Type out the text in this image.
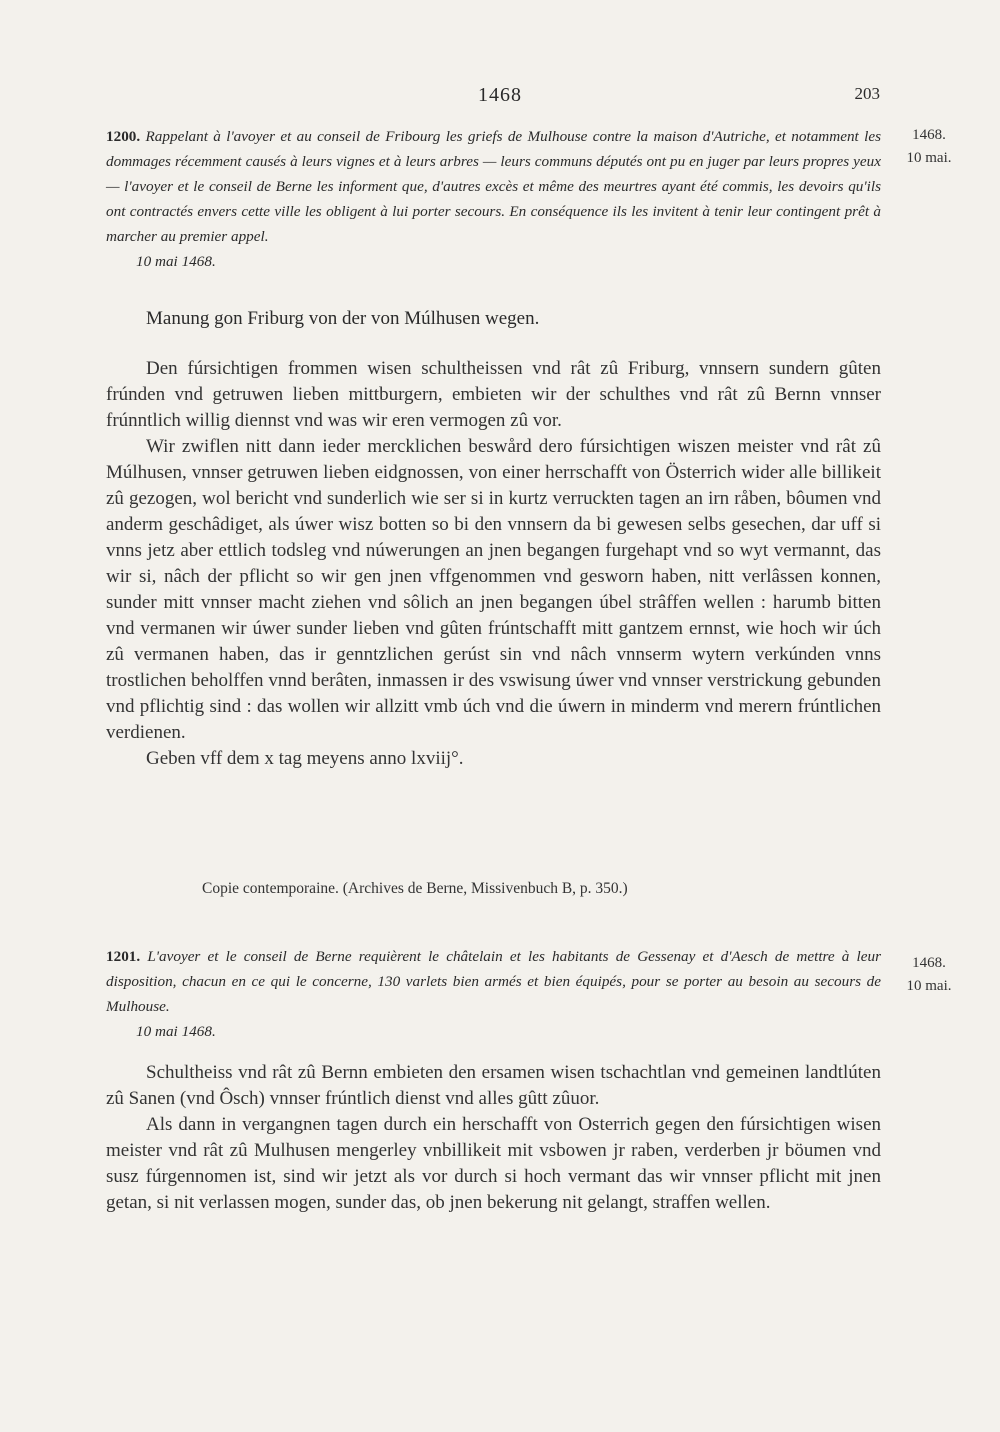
1468	203
1200. Rappelant à l'avoyer et au conseil de Fribourg les griefs de Mulhouse contre la maison d'Autriche, et notamment les dommages récemment causés à leurs vignes et à leurs arbres — leurs communs députés ont pu en juger par leurs propres yeux — l'avoyer et le conseil de Berne les informent que, d'autres excès et même des meurtres ayant été commis, les devoirs qu'ils ont contractés envers cette ville les obligent à lui porter secours. En conséquence ils les invitent à tenir leur contingent prêt à marcher au premier appel.
10 mai 1468.
1468.
10 mai.
Manung gon Friburg von der von Múlhusen wegen.

Den fúrsichtigen frommen wisen schultheissen vnd rât zû Friburg, vnnsern sundern gûten frúnden vnd getruwen lieben mittburgern, embieten wir der schulthes vnd rât zû Bernn vnnser frúnntlich willig diennst vnd was wir eren vermogen zû vor.

Wir zwiflen nitt dann ieder mercklichen beswård dero fúrsichtigen wiszen meister vnd rât zû Múlhusen, vnnser getruwen lieben eidgnossen, von einer herrschafft von Österrich wider alle billikeit zû gezogen, wol bericht vnd sunderlich wie ser si in kurtz verruckten tagen an irn råben, bôumen vnd anderm geschâdiget, als úwer wisz botten so bi den vnnsern da bi gewesen selbs gesechen, dar uff si vnns jetz aber ettlich todsleg vnd núwerungen an jnen begangen furgehapt vnd so wyt vermannt, das wir si, nâch der pflicht so wir gen jnen vffgenommen vnd gesworn haben, nitt verlâssen konnen, sunder mitt vnnser macht ziehen vnd sôlich an jnen begangen úbel strâffen wellen : harumb bitten vnd vermanen wir úwer sunder lieben vnd gûten frúntschafft mitt gantzem ernnst, wie hoch wir úch zû vermanen haben, das ir genntzlichen gerúst sin vnd nâch vnnserm wytern verkúnden vnns trostlichen beholffen vnnd berâten, inmassen ir des vswisung úwer vnd vnnser verstrickung gebunden vnd pflichtig sind : das wollen wir allzitt vmb úch vnd die úwern in minderm vnd merern frúntlichen verdienen.

Geben vff dem x tag meyens anno lxviij°.

Copie contemporaine. (Archives de Berne, Missivenbuch B, p. 350.)
1201. L'avoyer et le conseil de Berne requièrent le châtelain et les habitants de Gessenay et d'Aesch de mettre à leur disposition, chacun en ce qui le concerne, 130 varlets bien armés et bien équipés, pour se porter au besoin au secours de Mulhouse.
10 mai 1468.
1468.
10 mai.

Schultheiss vnd rât zû Bernn embieten den ersamen wisen tschachtlan vnd gemeinen landtlúten zû Sanen (vnd Ôsch) vnnser frúntlich dienst vnd alles gûtt zûuor.

Als dann in vergangnen tagen durch ein herschafft von Osterrich gegen den fúrsichtigen wisen meister vnd rât zû Mulhusen mengerley vnbillikeit mit vsbowen jr raben, verderben jr böumen vnd susz fúrgennomen ist, sind wir jetzt als vor durch si hoch vermant das wir vnnser pflicht mit jnen getan, si nit verlassen mogen, sunder das, ob jnen bekerung nit gelangt, straffen wellen.
